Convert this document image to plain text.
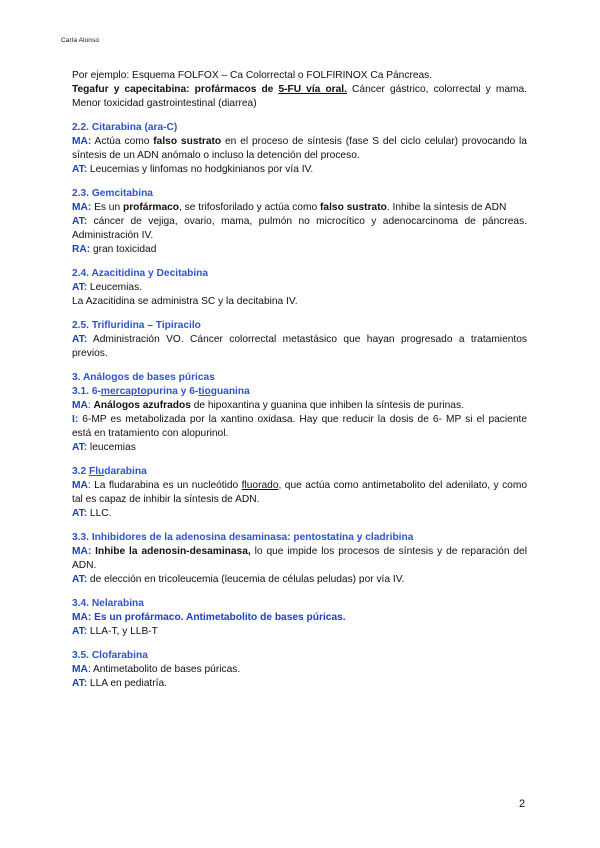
Carla Alonso

Por ejemplo: Esquema FOLFOX – Ca Colorrectal o FOLFIRINOX Ca Páncreas.

Tegafur y capecitabina: profármacos de 5-FU vía oral. Cáncer gástrico, colorrectal y mama. Menor toxicidad gastrointestinal (diarrea)

2.2. Citarabina (ara-C)

MA: Actúa como falso sustrato en el proceso de síntesis (fase S del ciclo celular) provocando la síntesis de un ADN anómalo o incluso la detención del proceso.

AT: Leucemias y linfomas no hodgkinianos por vía IV.

2.3. Gemcitabina

MA: Es un profármaco, se trifosforilado y actúa como falso sustrato. Inhibe la síntesis de ADN

AT: cáncer de vejiga, ovario, mama, pulmón no microcítico y adenocarcinoma de páncreas. Administración IV.

RA: gran toxicidad

2.4. Azacitidina y Decitabina

AT: Leucemias.

La Azacitidina se administra SC y la decitabina IV.

2.5. Trifluridina – Tipiracilo

AT: Administración VO. Cáncer colorrectal metastásico que hayan progresado a tratamientos previos.

3. Análogos de bases púricas

3.1. 6-mercaptopurina y 6-tioguanina

MA: Análogos azufrados de hipoxantina y guanina que inhiben la síntesis de purinas.

I: 6-MP es metabolizada por la xantino oxidasa. Hay que reducir la dosis de 6- MP si el paciente está en tratamiento con alopurinol.

AT: leucemias

3.2 Fludarabina

MA: La fludarabina es un nucleótido fluorado, que actúa como antimetabolito del adenilato, y como tal es capaz de inhibir la síntesis de ADN.

AT: LLC.

3.3. Inhibidores de la adenosina desaminasa: pentostatina y cladribina

MA: Inhibe la adenosin-desaminasa, lo que impide los procesos de síntesis y de reparación del ADN.

AT: de elección en tricoleucemia (leucemia de células peludas) por vía IV.

3.4. Nelarabina

MA: Es un profármaco. Antimetabolito de bases púricas.

AT: LLA-T, y LLB-T

3.5. Clofarabina

MA: Antimetabolito de bases púricas.

AT: LLA en pediatría.

2
